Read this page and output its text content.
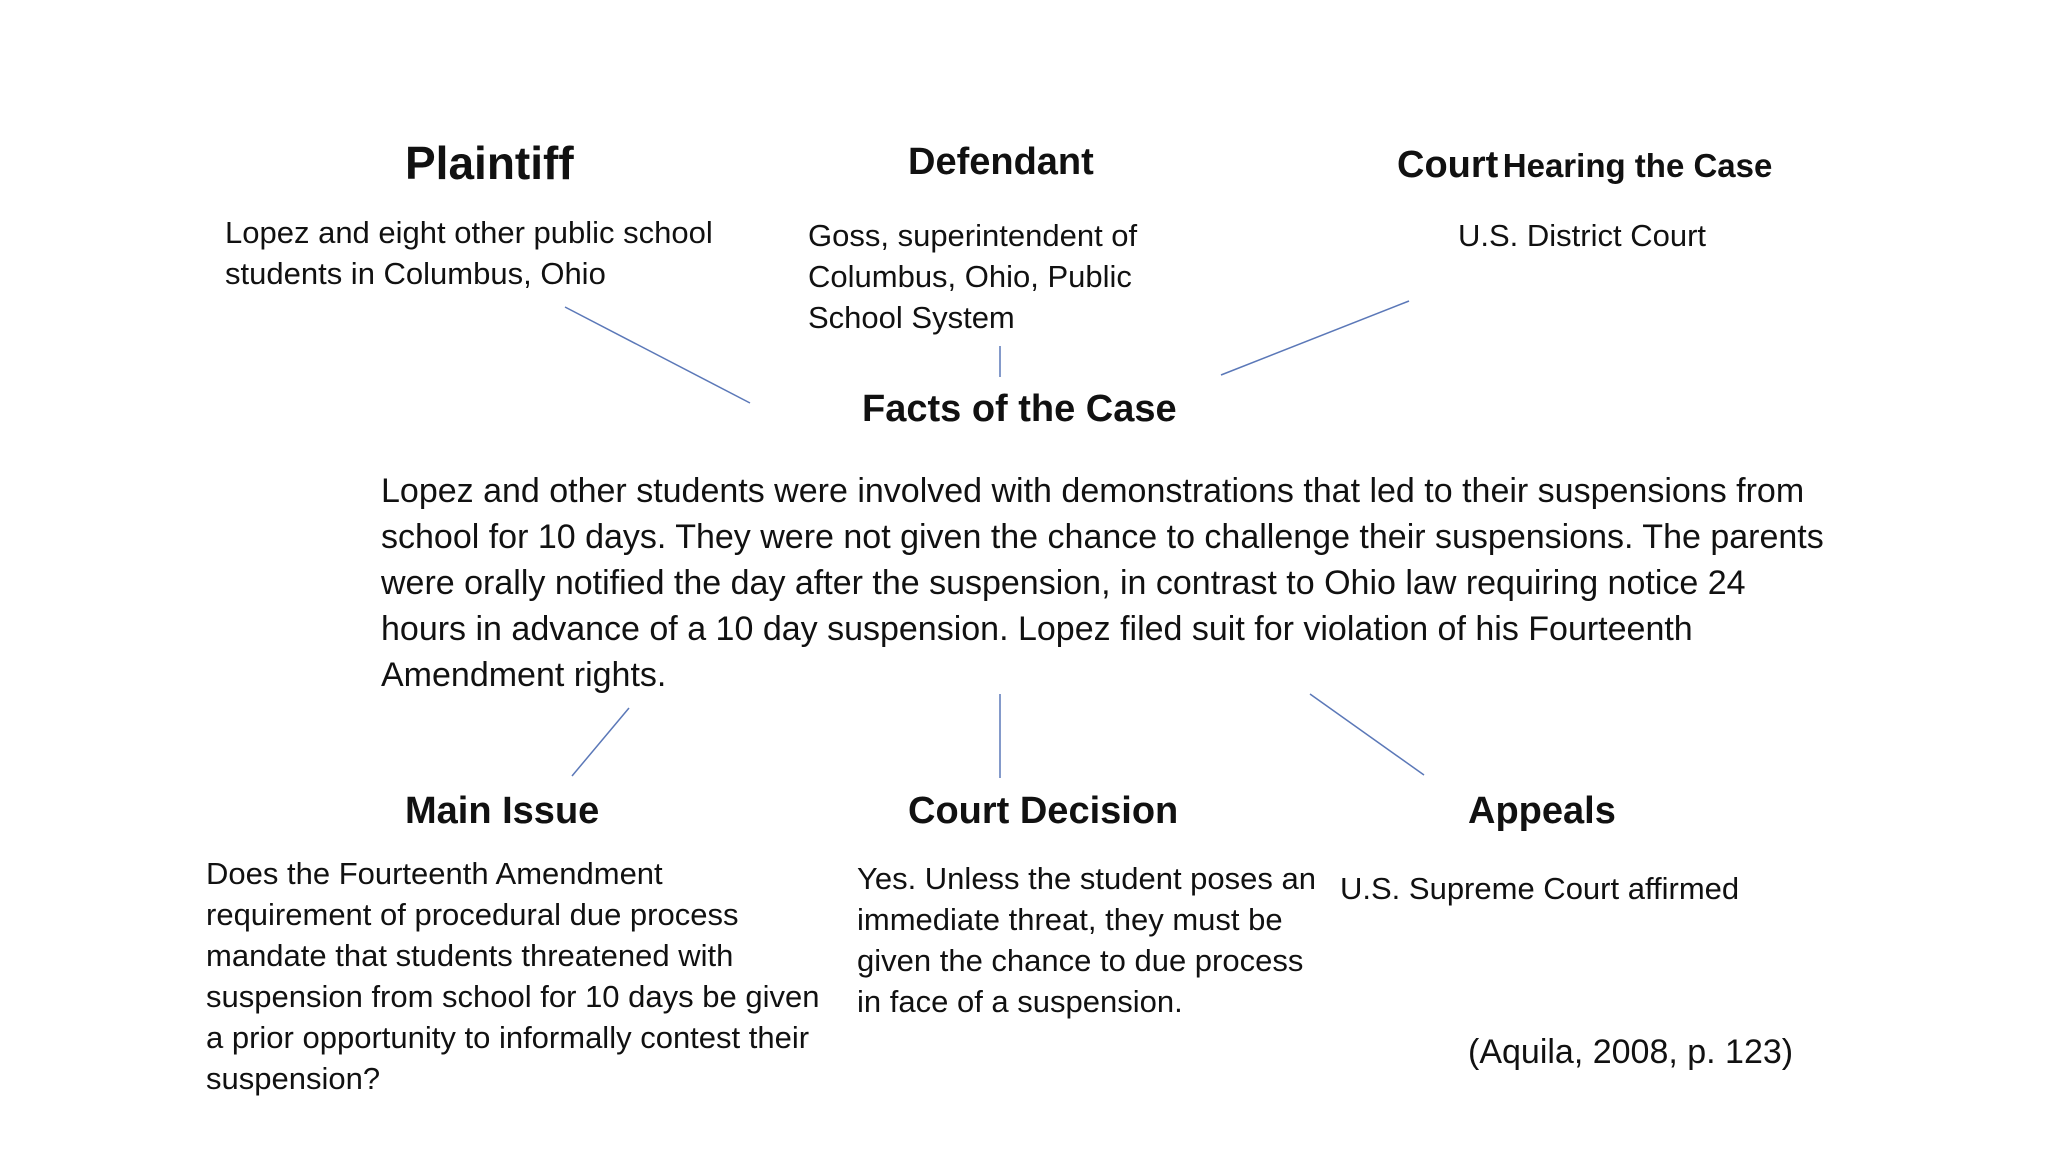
Plaintiff
Lopez and eight other public school students in Columbus, Ohio
Defendant
Goss, superintendent of Columbus, Ohio, Public School System
Court Hearing the Case
U.S. District Court
Facts of the Case
Lopez and other students were involved with demonstrations that led to their suspensions from school for 10 days. They were not given the chance to challenge their suspensions. The parents were orally notified the day after the suspension, in contrast to Ohio law requiring notice 24 hours in advance of a 10 day suspension. Lopez filed suit for violation of his Fourteenth Amendment rights.
Main Issue
Does the Fourteenth Amendment requirement of procedural due process mandate that students threatened with suspension from school for 10 days be given a prior opportunity to informally contest their suspension?
Court Decision
Yes. Unless the student poses an immediate threat, they must be given the chance to due process in face of a suspension.
Appeals
U.S. Supreme Court affirmed
(Aquila, 2008, p. 123)
